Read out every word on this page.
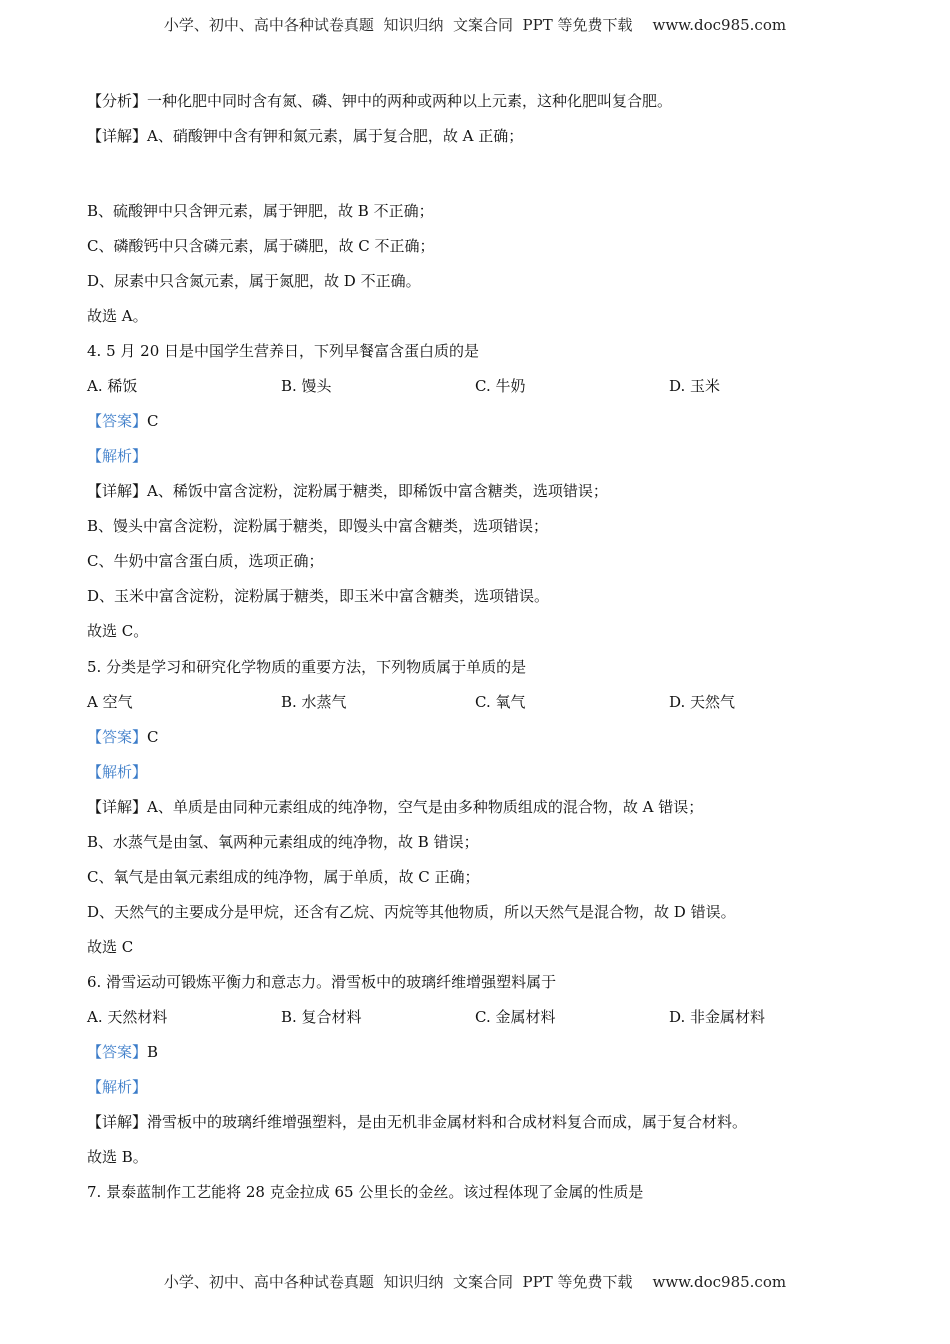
小学、初中、高中各种试卷真题  知识归纳  文案合同  PPT 等免费下载 www.doc985.com
【分析】一种化肥中同时含有氮、磷、钾中的两种或两种以上元素，这种化肥叫复合肥。
【详解】A、硝酸钾中含有钾和氮元素，属于复合肥，故 A 正确；
B、硫酸钾中只含钾元素，属于钾肥，故 B 不正确；
C、磷酸钙中只含磷元素，属于磷肥，故 C 不正确；
D、尿素中只含氮元素，属于氮肥，故 D 不正确。
故选 A。
4. 5 月 20 日是中国学生营养日，下列早餐富含蛋白质的是
A. 稀饭	B. 馒头	C. 牛奶	D. 玉米
【答案】C
【解析】
【详解】A、稀饭中富含淀粉，淀粉属于糖类，即稀饭中富含糖类，选项错误；
B、馒头中富含淀粉，淀粉属于糖类，即馒头中富含糖类，选项错误；
C、牛奶中富含蛋白质，选项正确；
D、玉米中富含淀粉，淀粉属于糖类，即玉米中富含糖类，选项错误。
故选 C。
5. 分类是学习和研究化学物质的重要方法，下列物质属于单质的是
A 空气	B. 水蒸气	C. 氧气	D. 天然气
【答案】C
【解析】
【详解】A、单质是由同种元素组成的纯净物，空气是由多种物质组成的混合物，故 A 错误；
B、水蒸气是由氢、氧两种元素组成的纯净物，故 B 错误；
C、氧气是由氧元素组成的纯净物，属于单质，故 C 正确；
D、天然气的主要成分是甲烷，还含有乙烷、丙烷等其他物质，所以天然气是混合物，故 D 错误。
故选 C
6. 滑雪运动可锻炼平衡力和意志力。滑雪板中的玻璃纤维增强塑料属于
A. 天然材料	B. 复合材料	C. 金属材料	D. 非金属材料
【答案】B
【解析】
【详解】滑雪板中的玻璃纤维增强塑料，是由无机非金属材料和合成材料复合而成，属于复合材料。
故选 B。
7. 景泰蓝制作工艺能将 28 克金拉成 65 公里长的金丝。该过程体现了金属的性质是
小学、初中、高中各种试卷真题  知识归纳  文案合同  PPT 等免费下载 www.doc985.com
